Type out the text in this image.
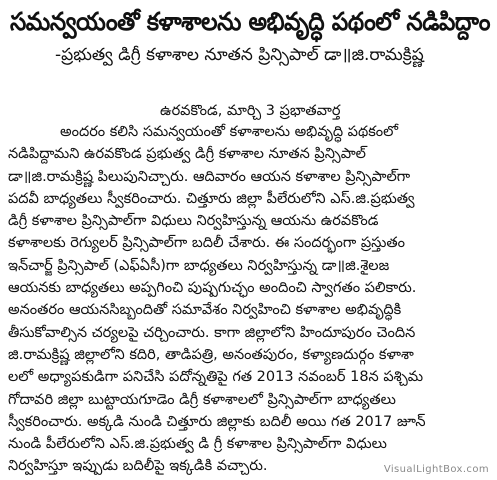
సమన్వయంతో కళాశాలను అభివృద్ధి పథంలో నడిపిద్దాం
-ప్రభుత్వ డిగ్రీ కళాశాల నూతన ప్రిన్సిపాల్ డా॥జి.రామక్రిష్ణ
ఉరవకొండ, మార్చి 3 ప్రభాతవార్త
అందరం కలిసి సమన్వయంతో కళాశాలను అభివృద్ధి పథకంలో
నడిపిద్దామని ఉరవకొండ ప్రభుత్వ డిగ్రీ కళాశాల నూతన ప్రిన్సిపాల్
డా॥జి.రామక్రిష్ణ పిలుపునిచ్చారు. ఆదివారం ఆయన కళాశాల ప్రిన్సిపాల్‌గా
పదవీ బాధ్యతలు స్వీకరించారు. చిత్తూరు జిల్లా పీలేరులోని ఎస్.జి.ప్రభుత్వ
డిగ్రీ కళాశాల ప్రిన్సిపాల్‌గా విధులు నిర్వహిస్తున్న ఆయను ఉరవకొండ
కళాశాలకు రెగ్యులర్ ప్రిన్సిపాల్‌గా బదిలీ చేశారు. ఈ సందర్భంగా ప్రస్తుతం
ఇన్‌చార్జ్ ప్రిన్సిపాల్ (ఎఫ్ఏసీ)గా బాధ్యతలు నిర్వహిస్తున్న డా॥జి.శైలజ
ఆయనకు బాధ్యతలు అప్పగించి పుష్పగుచ్ఛం అందించి స్వాగతం పలికారు.
అనంతరం ఆయనసిబ్బందితో సమావేశం నిర్వహించి కళాశాల అభివృద్ధికి
తీసుకోవాల్సిన చర్యలపై చర్చించారు. కాగా జిల్లాలోని హిందూపురం చెందిన
జి.రామక్రిష్ణ జిల్లాలోని కదిరి, తాడిపత్రి, అనంతపురం, కళ్యాణదుర్గం కళాశా
లలో అధ్యాపకుడిగా పనిచేసి పదోన్నతిపై గత 2013 నవంబర్ 18న పశ్చిమ
గోదావరి జిల్లా బుట్టాయగూడెం డిగ్రీ కళాశాలలో ప్రిన్సిపాల్‌గా బాధ్యతలు
స్వీకరించారు. అక్కడి నుండి చిత్తూరు జిల్లాకు బదిలీ అయి గత 2017 జూన్
నుండి పీలేరులోని ఎస్.జి.ప్రభుత్వ డి గ్రీ కళాశాల ప్రిన్సిపాల్‌గా విధులు
నిర్వహిస్తూ ఇప్పుడు బదిలీపై ఇక్కడికి వచ్చారు.	VisualLightBox.com
